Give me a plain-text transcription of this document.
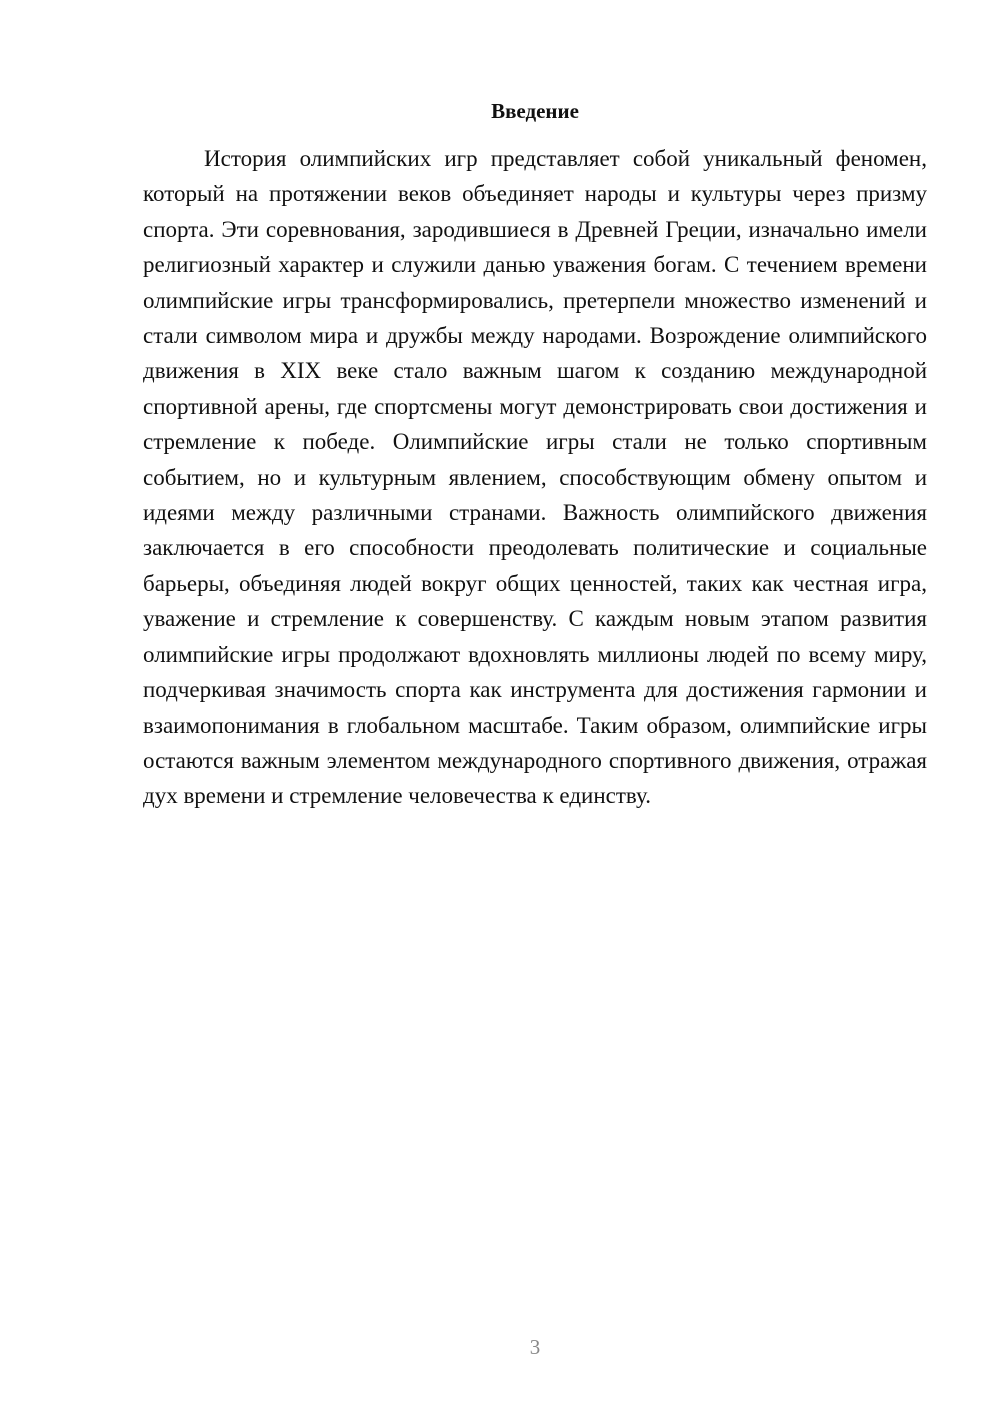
Введение

История олимпийских игр представляет собой уникальный феномен, который на протяжении веков объединяет народы и культуры через призму спорта. Эти соревнования, зародившиеся в Древней Греции, изначально имели религиозный характер и служили данью уважения богам. С течением времени олимпийские игры трансформировались, претерпели множество изменений и стали символом мира и дружбы между народами. Возрождение олимпийского движения в XIX веке стало важным шагом к созданию международной спортивной арены, где спортсмены могут демонстрировать свои достижения и стремление к победе. Олимпийские игры стали не только спортивным событием, но и культурным явлением, способствующим обмену опытом и идеями между различными странами. Важность олимпийского движения заключается в его способности преодолевать политические и социальные барьеры, объединяя людей вокруг общих ценностей, таких как честная игра, уважение и стремление к совершенству. С каждым новым этапом развития олимпийские игры продолжают вдохновлять миллионы людей по всему миру, подчеркивая значимость спорта как инструмента для достижения гармонии и взаимопонимания в глобальном масштабе. Таким образом, олимпийские игры остаются важным элементом международного спортивного движения, отражая дух времени и стремление человечества к единству.

3
